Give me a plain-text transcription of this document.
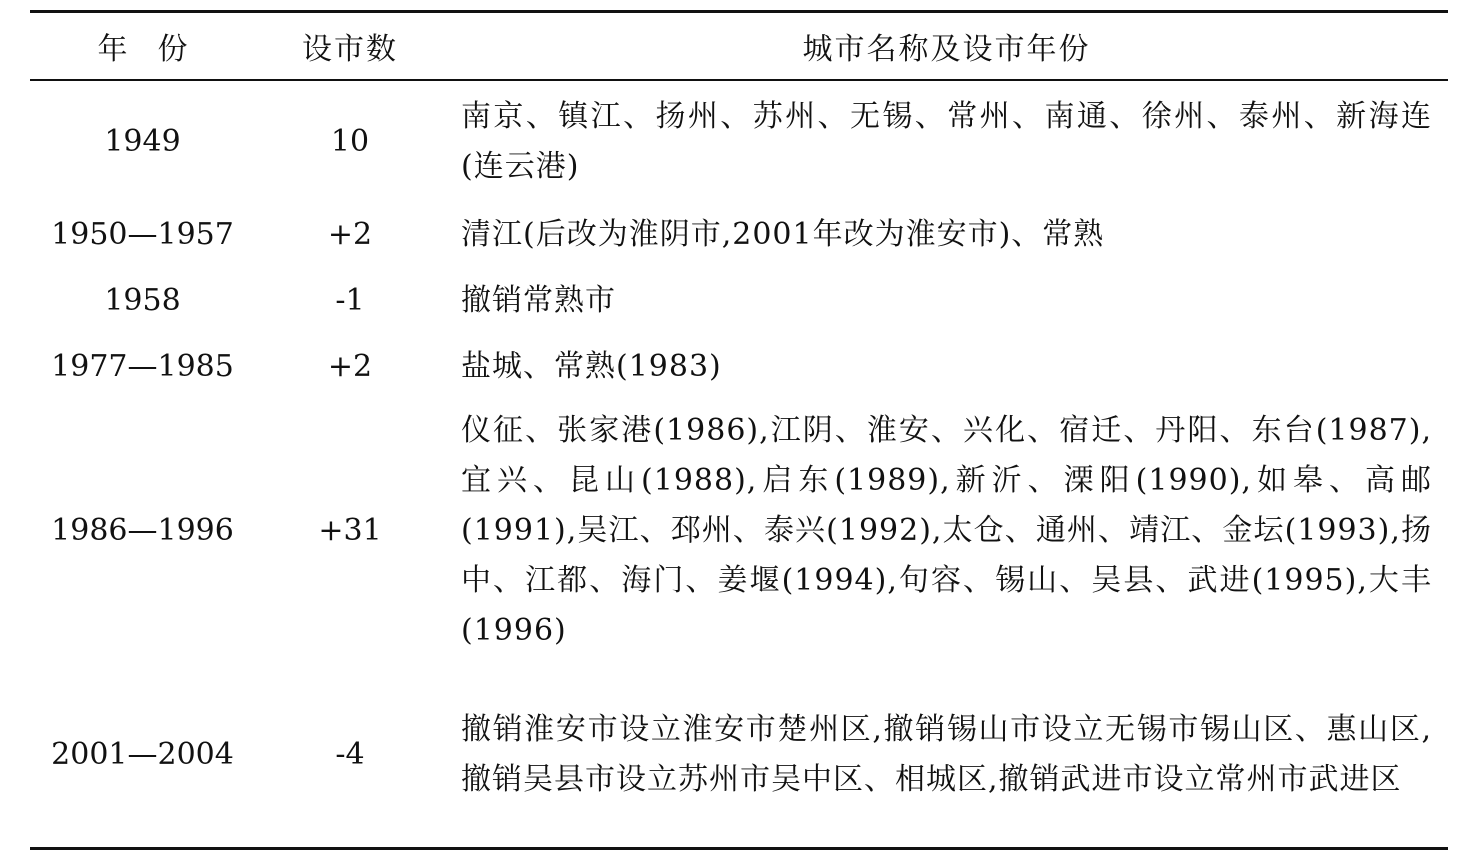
年份	设市数	城市名称及设市年份
1949	10	南京、镇江、扬州、苏州、无锡、常州、南通、徐州、泰州、新海连(连云港)
1950—1957	+2	清江(后改为淮阴市,2001年改为淮安市)、常熟
1958	-1	撤销常熟市
1977—1985	+2	盐城、常熟(1983)
1986—1996	+31	仪征、张家港(1986),江阴、淮安、兴化、宿迁、丹阳、东台(1987),宜兴、昆山(1988),启东(1989),新沂、溧阳(1990),如皋、高邮(1991),吴江、邳州、泰兴(1992),太仓、通州、靖江、金坛(1993),扬中、江都、海门、姜堰(1994),句容、锡山、吴县、武进(1995),大丰(1996)
2001—2004	-4	撤销淮安市设立淮安市楚州区,撤销锡山市设立无锡市锡山区、惠山区,撤销吴县市设立苏州市吴中区、相城区,撤销武进市设立常州市武进区
